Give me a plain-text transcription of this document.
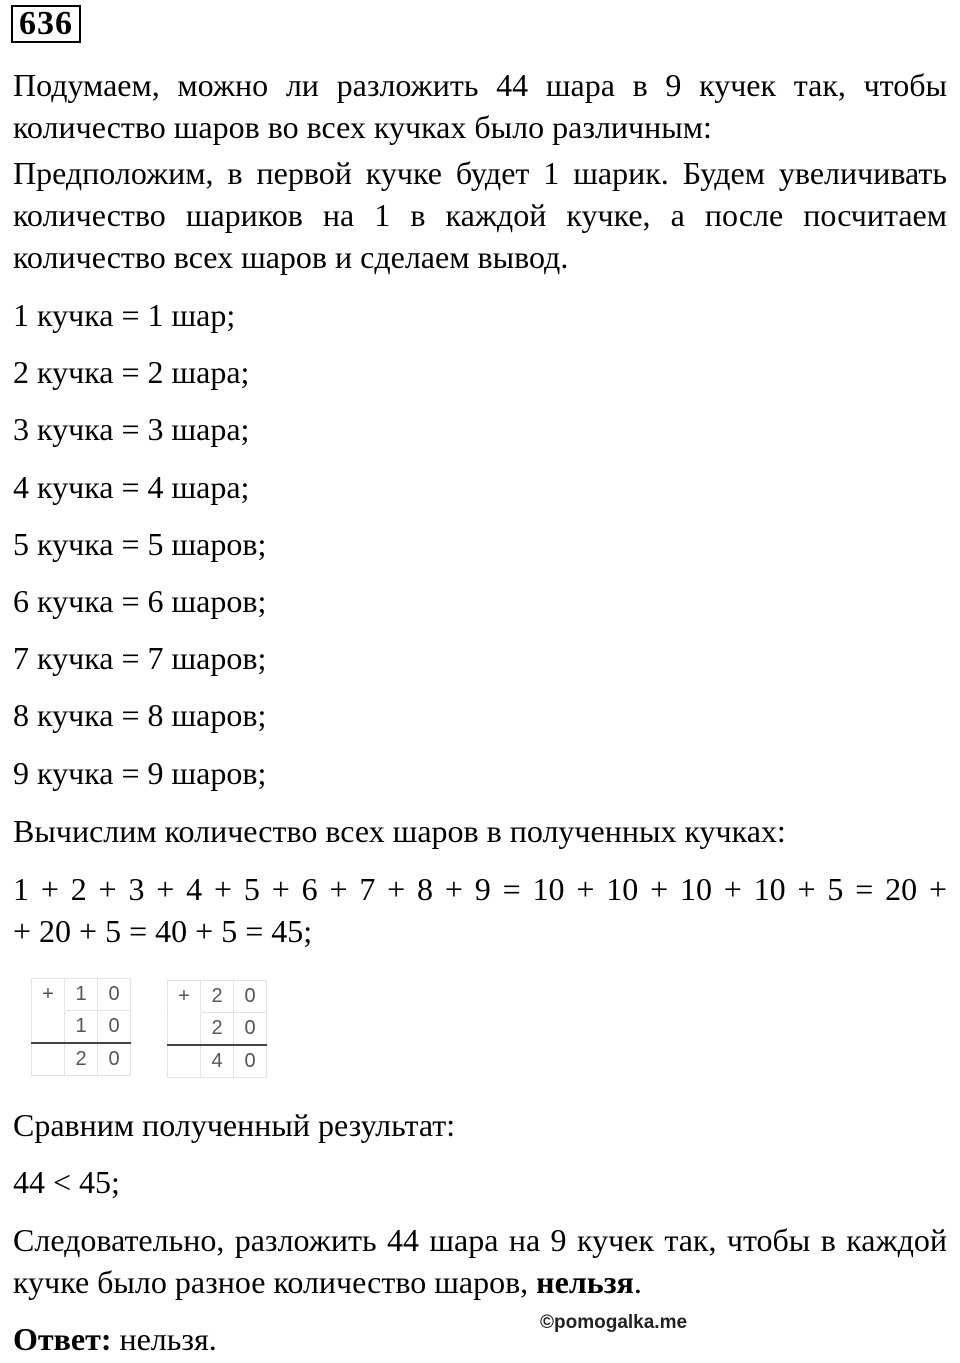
636

Подумаем, можно ли разложить 44 шара в 9 кучек так, чтобы количество шаров во всех кучках было различным:

Предположим, в первой кучке будет 1 шарик. Будем увеличивать количество шариков на 1 в каждой кучке, а после посчитаем количество всех шаров и сделаем вывод.

1 кучка = 1 шар;
2 кучка = 2 шара;
3 кучка = 3 шара;
4 кучка = 4 шара;
5 кучка = 5 шаров;
6 кучка = 6 шаров;
7 кучка = 7 шаров;
8 кучка = 8 шаров;
9 кучка = 9 шаров;
Вычислим количество всех шаров в полученных кучках:
1 + 2 + 3 + 4 + 5 + 6 + 7 + 8 + 9 = 10 + 10 + 10 + 10 + 5 = 20 +
+ 20 + 5 = 40 + 5 = 45;
+	1	0
	1	0
	2	0
+	2	0
	2	0
	4	0
Сравним полученный результат:
44 < 45;

Следовательно, разложить 44 шара на 9 кучек так, чтобы в каждой кучке было разное количество шаров, нельзя.

Ответ: нельзя.	©pomogalka.me
